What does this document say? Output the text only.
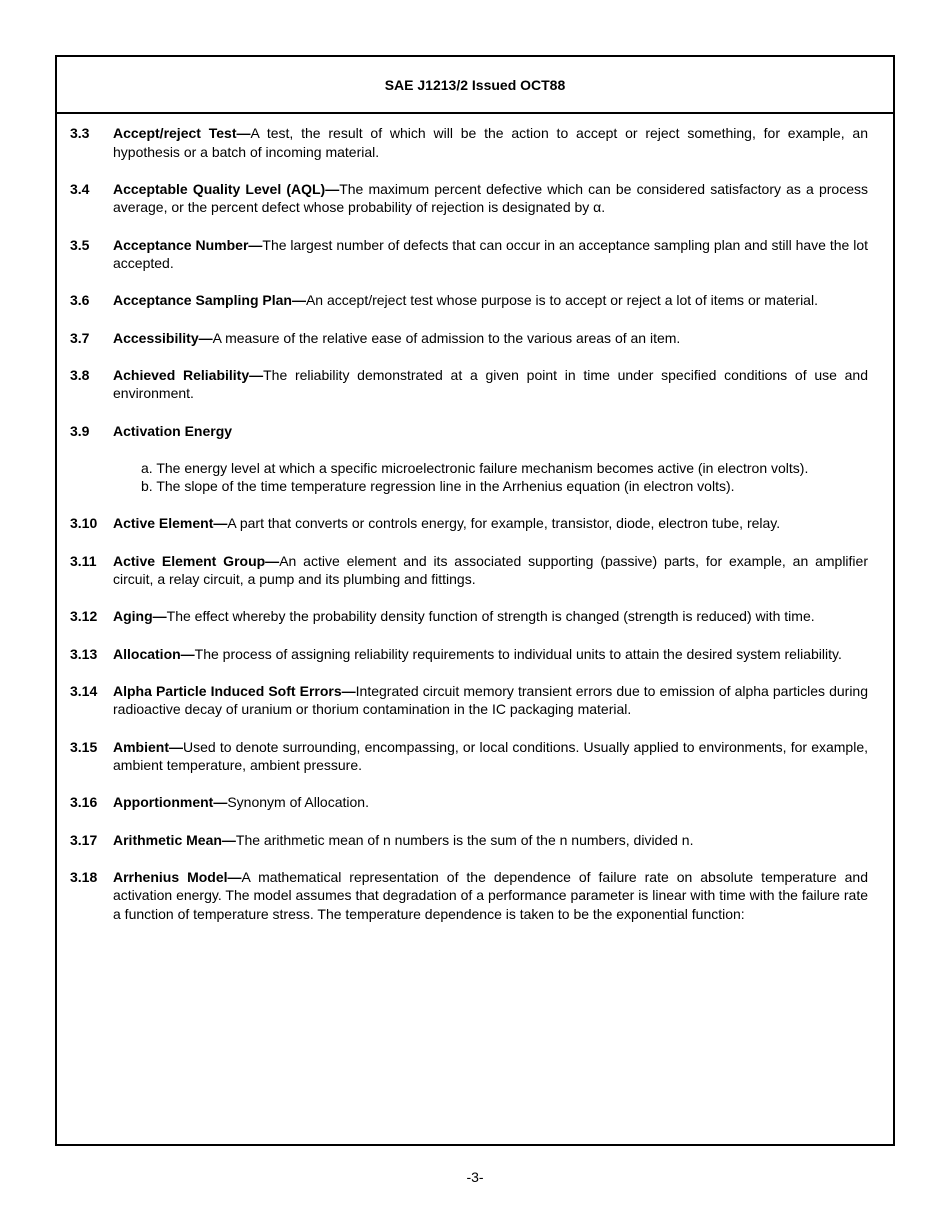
SAE J1213/2 Issued OCT88
3.3	Accept/reject Test—A test, the result of which will be the action to accept or reject something, for example, an hypothesis or a batch of incoming material.
3.4	Acceptable Quality Level (AQL)—The maximum percent defective which can be considered satisfactory as a process average, or the percent defect whose probability of rejection is designated by α.
3.5	Acceptance Number—The largest number of defects that can occur in an acceptance sampling plan and still have the lot accepted.
3.6	Acceptance Sampling Plan—An accept/reject test whose purpose is to accept or reject a lot of items or material.
3.7	Accessibility—A measure of the relative ease of admission to the various areas of an item.
3.8	Achieved Reliability—The reliability demonstrated at a given point in time under specified conditions of use and environment.
3.9	Activation Energy
a. The energy level at which a specific microelectronic failure mechanism becomes active (in electron volts).
b. The slope of the time temperature regression line in the Arrhenius equation (in electron volts).
3.10	Active Element—A part that converts or controls energy, for example, transistor, diode, electron tube, relay.
3.11	Active Element Group—An active element and its associated supporting (passive) parts, for example, an amplifier circuit, a relay circuit, a pump and its plumbing and fittings.
3.12	Aging—The effect whereby the probability density function of strength is changed (strength is reduced) with time.
3.13	Allocation—The process of assigning reliability requirements to individual units to attain the desired system reliability.
3.14	Alpha Particle Induced Soft Errors—Integrated circuit memory transient errors due to emission of alpha particles during radioactive decay of uranium or thorium contamination in the IC packaging material.
3.15	Ambient—Used to denote surrounding, encompassing, or local conditions. Usually applied to environments, for example, ambient temperature, ambient pressure.
3.16	Apportionment—Synonym of Allocation.
3.17	Arithmetic Mean—The arithmetic mean of n numbers is the sum of the n numbers, divided n.
3.18	Arrhenius Model—A mathematical representation of the dependence of failure rate on absolute temperature and activation energy. The model assumes that degradation of a performance parameter is linear with time with the failure rate a function of temperature stress. The temperature dependence is taken to be the exponential function:
-3-
